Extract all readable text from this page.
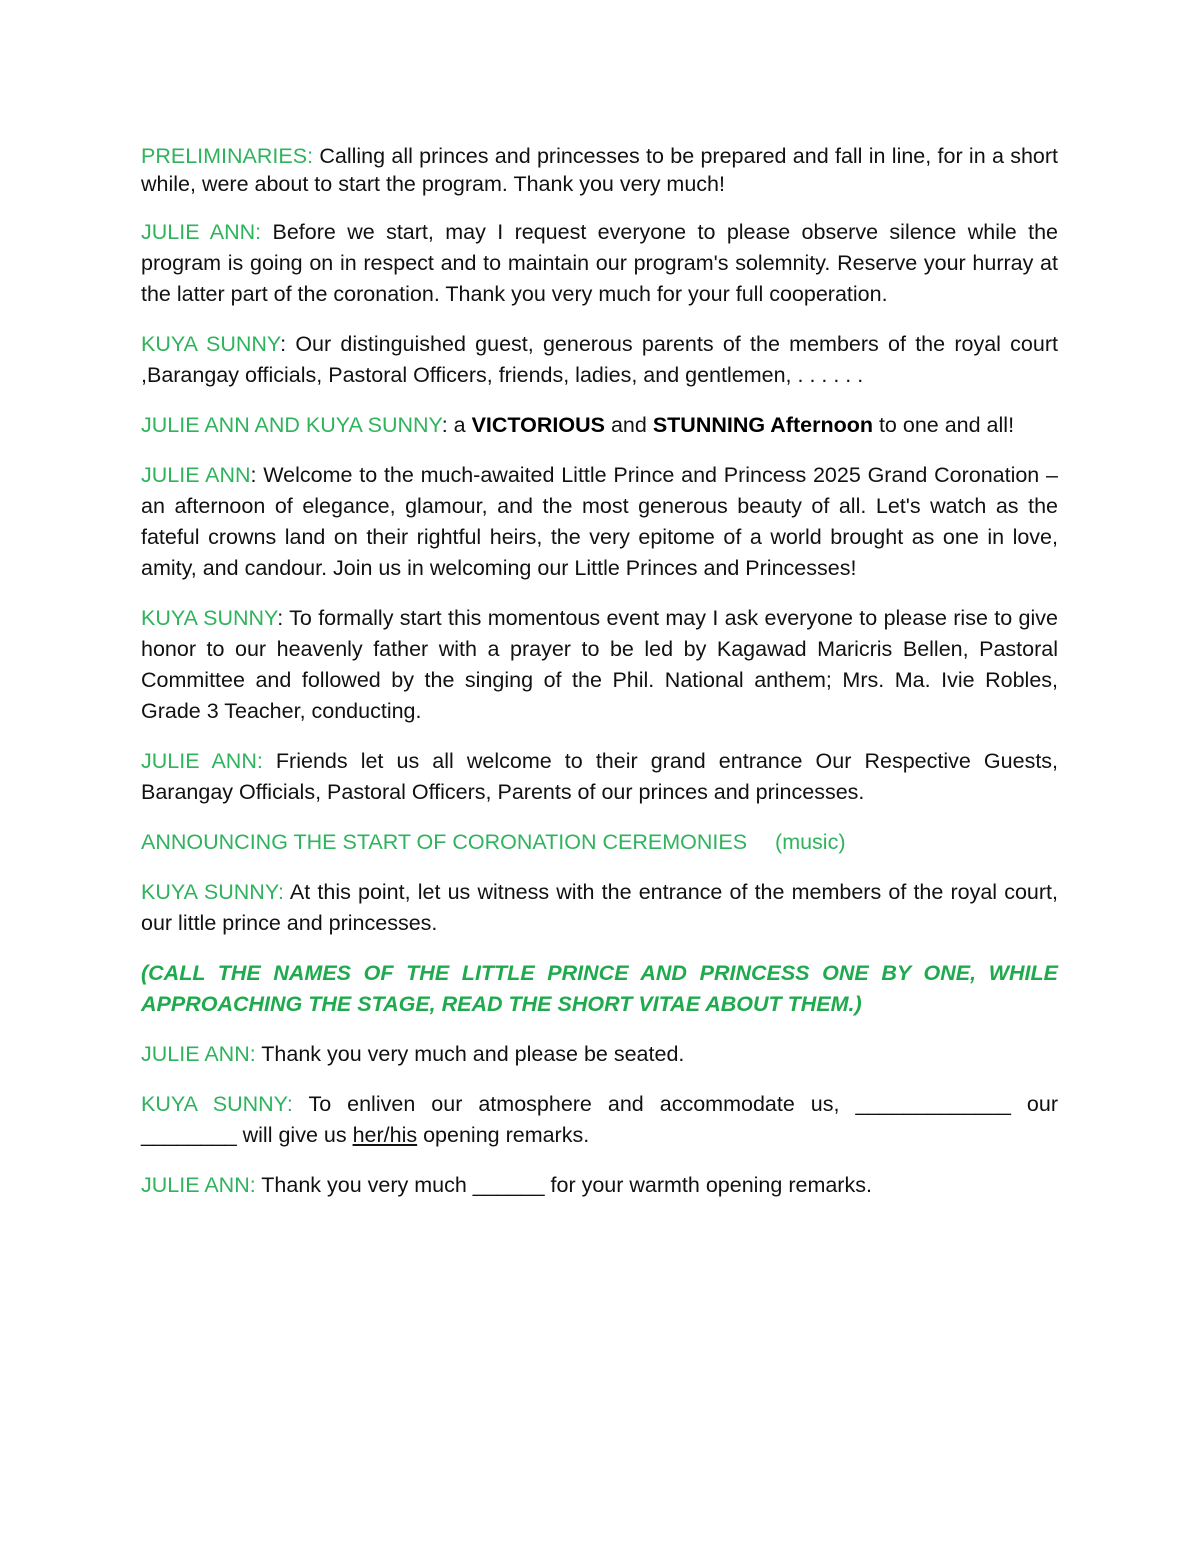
PRELIMINARIES: Calling all princes and princesses to be prepared and fall in line, for in a short while, were about to start the program. Thank you very much!

JULIE ANN: Before we start, may I request everyone to please observe silence while the program is going on in respect and to maintain our program's solemnity. Reserve your hurray at the latter part of the coronation. Thank you very much for your full cooperation.

KUYA SUNNY: Our distinguished guest, generous parents of the members of the royal court ,Barangay officials, Pastoral Officers, friends, ladies, and gentlemen, . . . . . .

JULIE ANN AND KUYA SUNNY: a VICTORIOUS and STUNNING Afternoon to one and all!

JULIE ANN: Welcome to the much-awaited Little Prince and Princess 2025 Grand Coronation – an afternoon of elegance, glamour, and the most generous beauty of all. Let's watch as the fateful crowns land on their rightful heirs, the very epitome of a world brought as one in love, amity, and candour. Join us in welcoming our Little Princes and Princesses!

KUYA SUNNY: To formally start this momentous event may I ask everyone to please rise to give honor to our heavenly father with a prayer to be led by Kagawad Maricris Bellen, Pastoral Committee and followed by the singing of the Phil. National anthem; Mrs. Ma. Ivie Robles, Grade 3 Teacher, conducting.

JULIE ANN: Friends let us all welcome to their grand entrance Our Respective Guests, Barangay Officials, Pastoral Officers, Parents of our princes and princesses.

ANNOUNCING THE START OF CORONATION CEREMONIES (music)

KUYA SUNNY: At this point, let us witness with the entrance of the members of the royal court, our little prince and princesses.

(CALL THE NAMES OF THE LITTLE PRINCE AND PRINCESS ONE BY ONE, WHILE APPROACHING THE STAGE, READ THE SHORT VITAE ABOUT THEM.)

JULIE ANN: Thank you very much and please be seated.

KUYA SUNNY: To enliven our atmosphere and accommodate us, _____________ our ________ will give us her/his opening remarks.

JULIE ANN: Thank you very much ______ for your warmth opening remarks.
